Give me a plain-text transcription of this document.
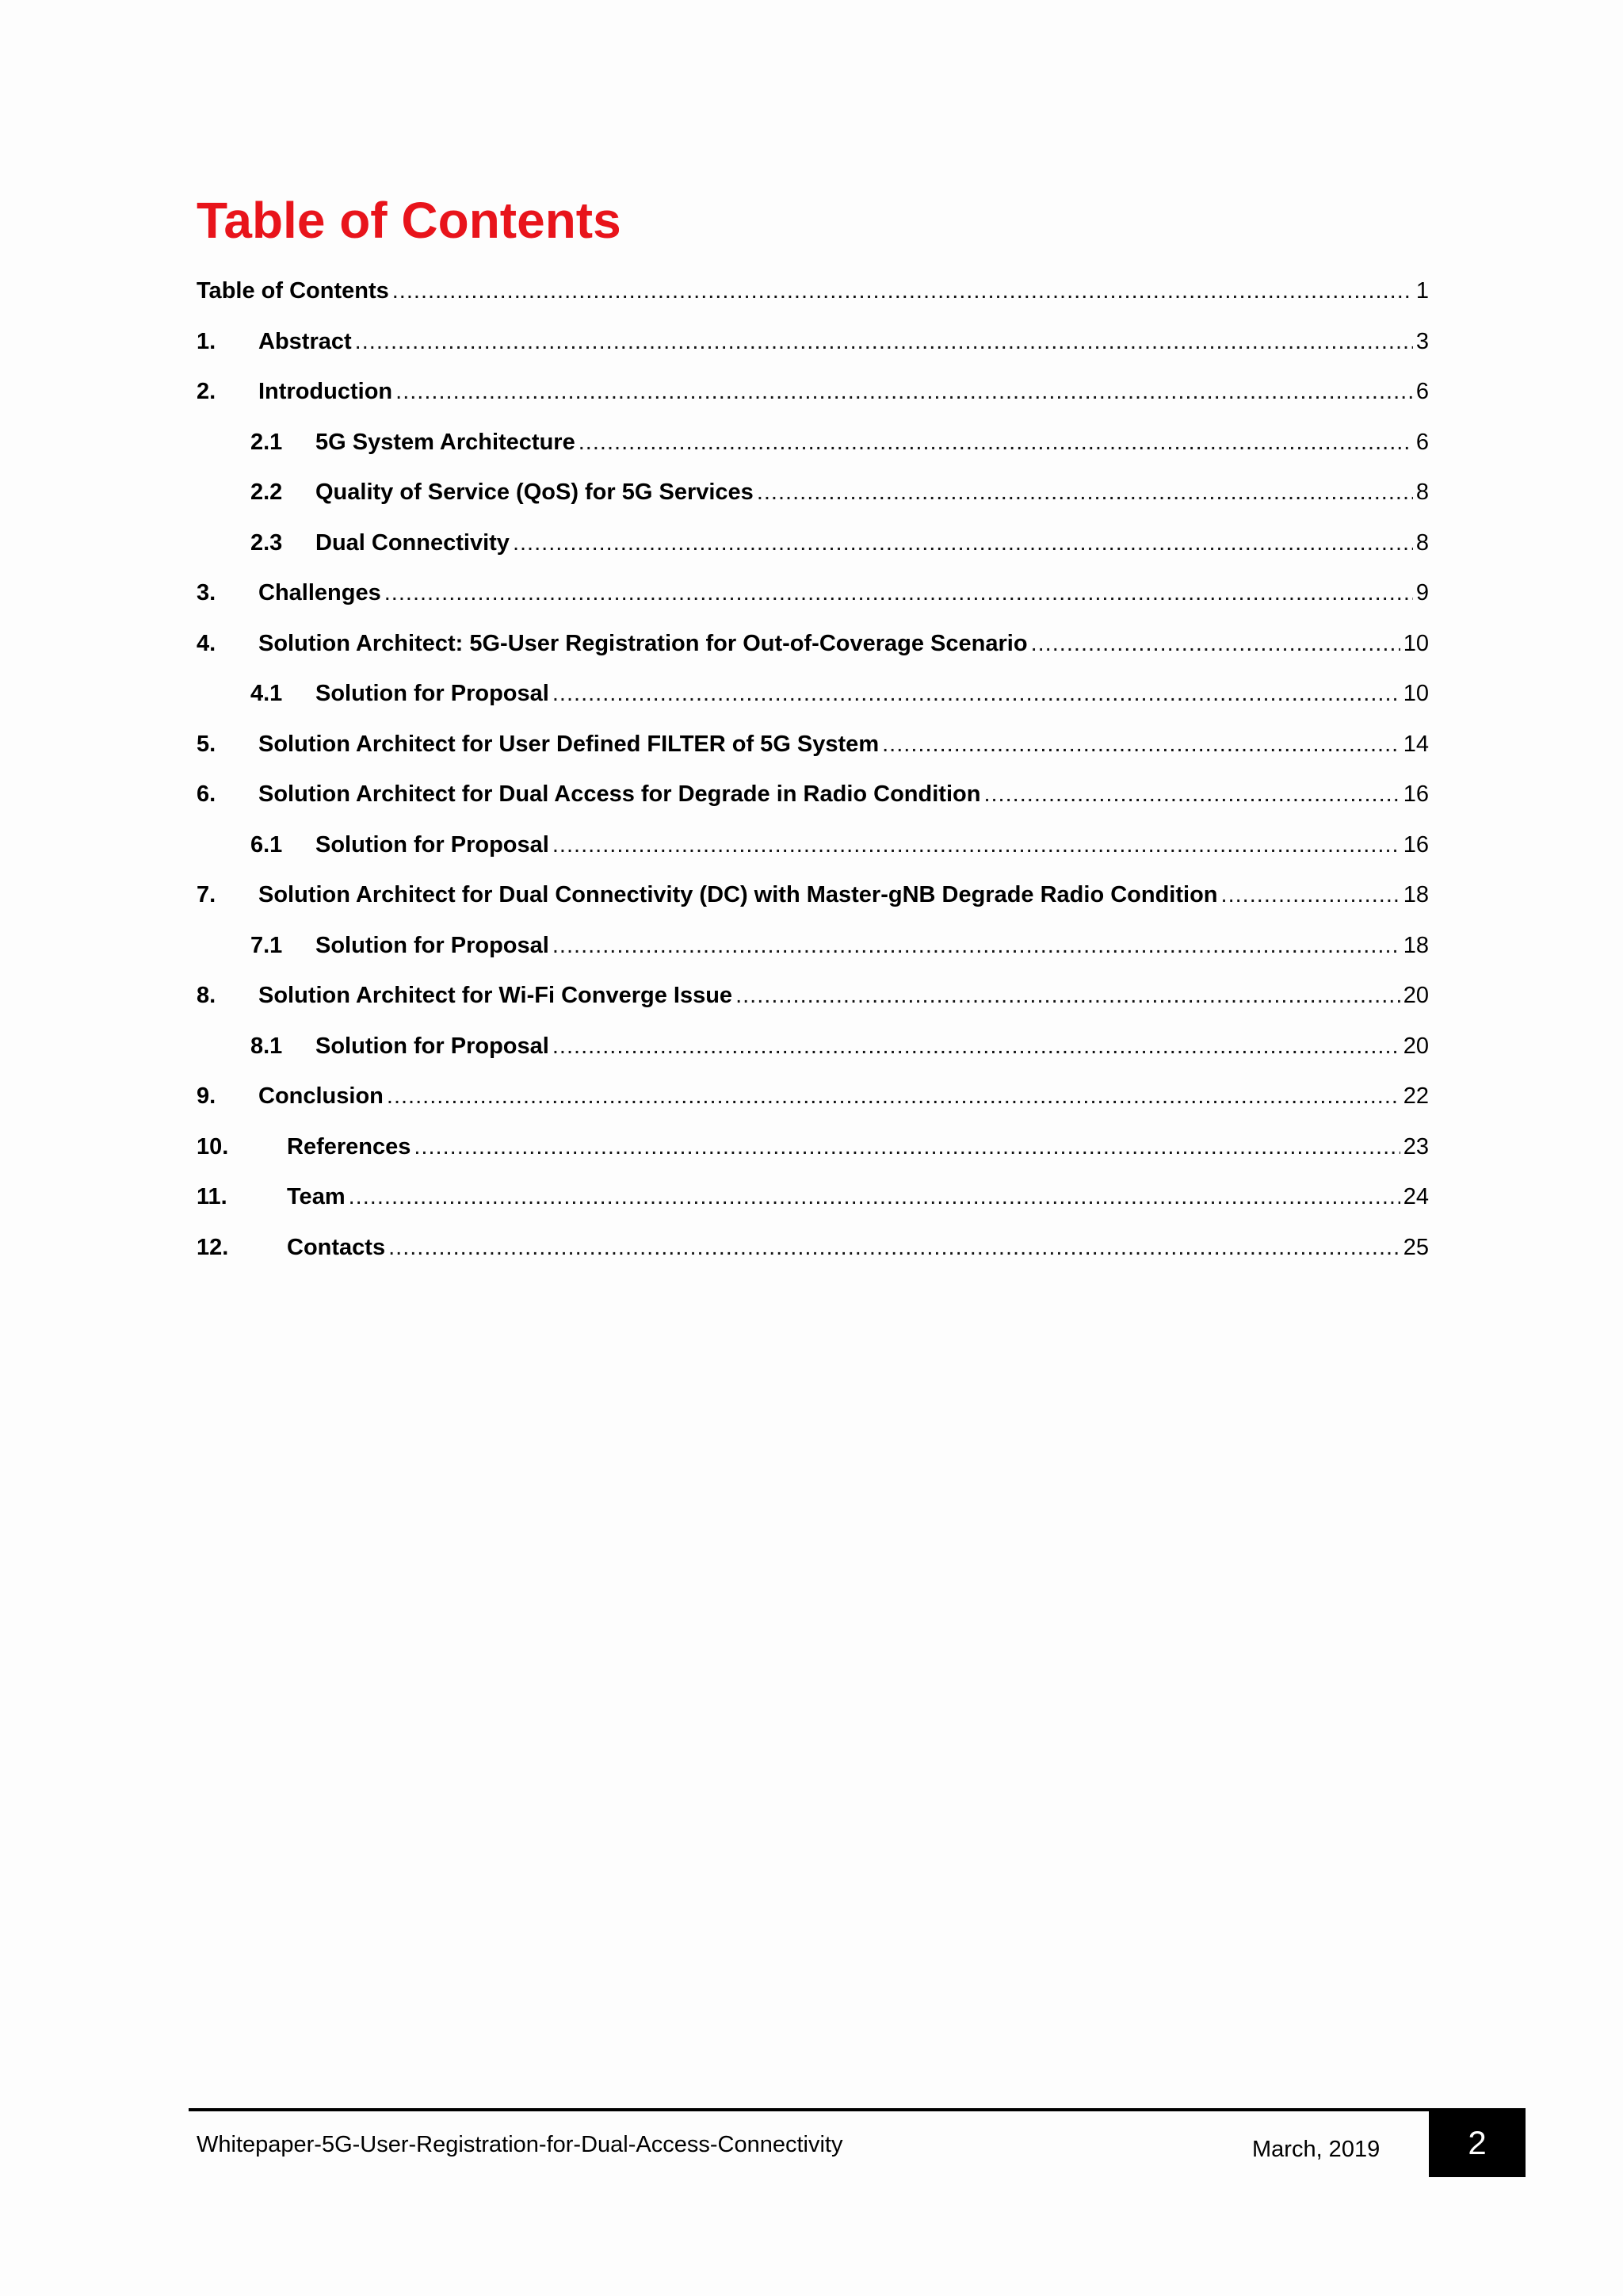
Table of Contents
Table of Contents .....	1
1.	Abstract .....	3
2.	Introduction .....	6
2.1	5G System Architecture .....	6
2.2	Quality of Service (QoS) for 5G Services .....	8
2.3	Dual Connectivity .....	8
3.	Challenges .....	9
4.	Solution Architect: 5G-User Registration for Out-of-Coverage Scenario .....	10
4.1	Solution for Proposal .....	10
5.	Solution Architect for User Defined FILTER of 5G System .....	14
6.	Solution Architect for Dual Access for Degrade in Radio Condition .....	16
6.1	Solution for Proposal .....	16
7.	Solution Architect for Dual Connectivity (DC) with Master-gNB Degrade Radio Condition .....	18
7.1	Solution for Proposal .....	18
8.	Solution Architect for Wi-Fi Converge Issue .....	20
8.1	Solution for Proposal .....	20
9.	Conclusion .....	22
10.	References .....	23
11.	Team .....	24
12.	Contacts .....	25
Whitepaper-5G-User-Registration-for-Dual-Access-Connectivity	March, 2019	2
